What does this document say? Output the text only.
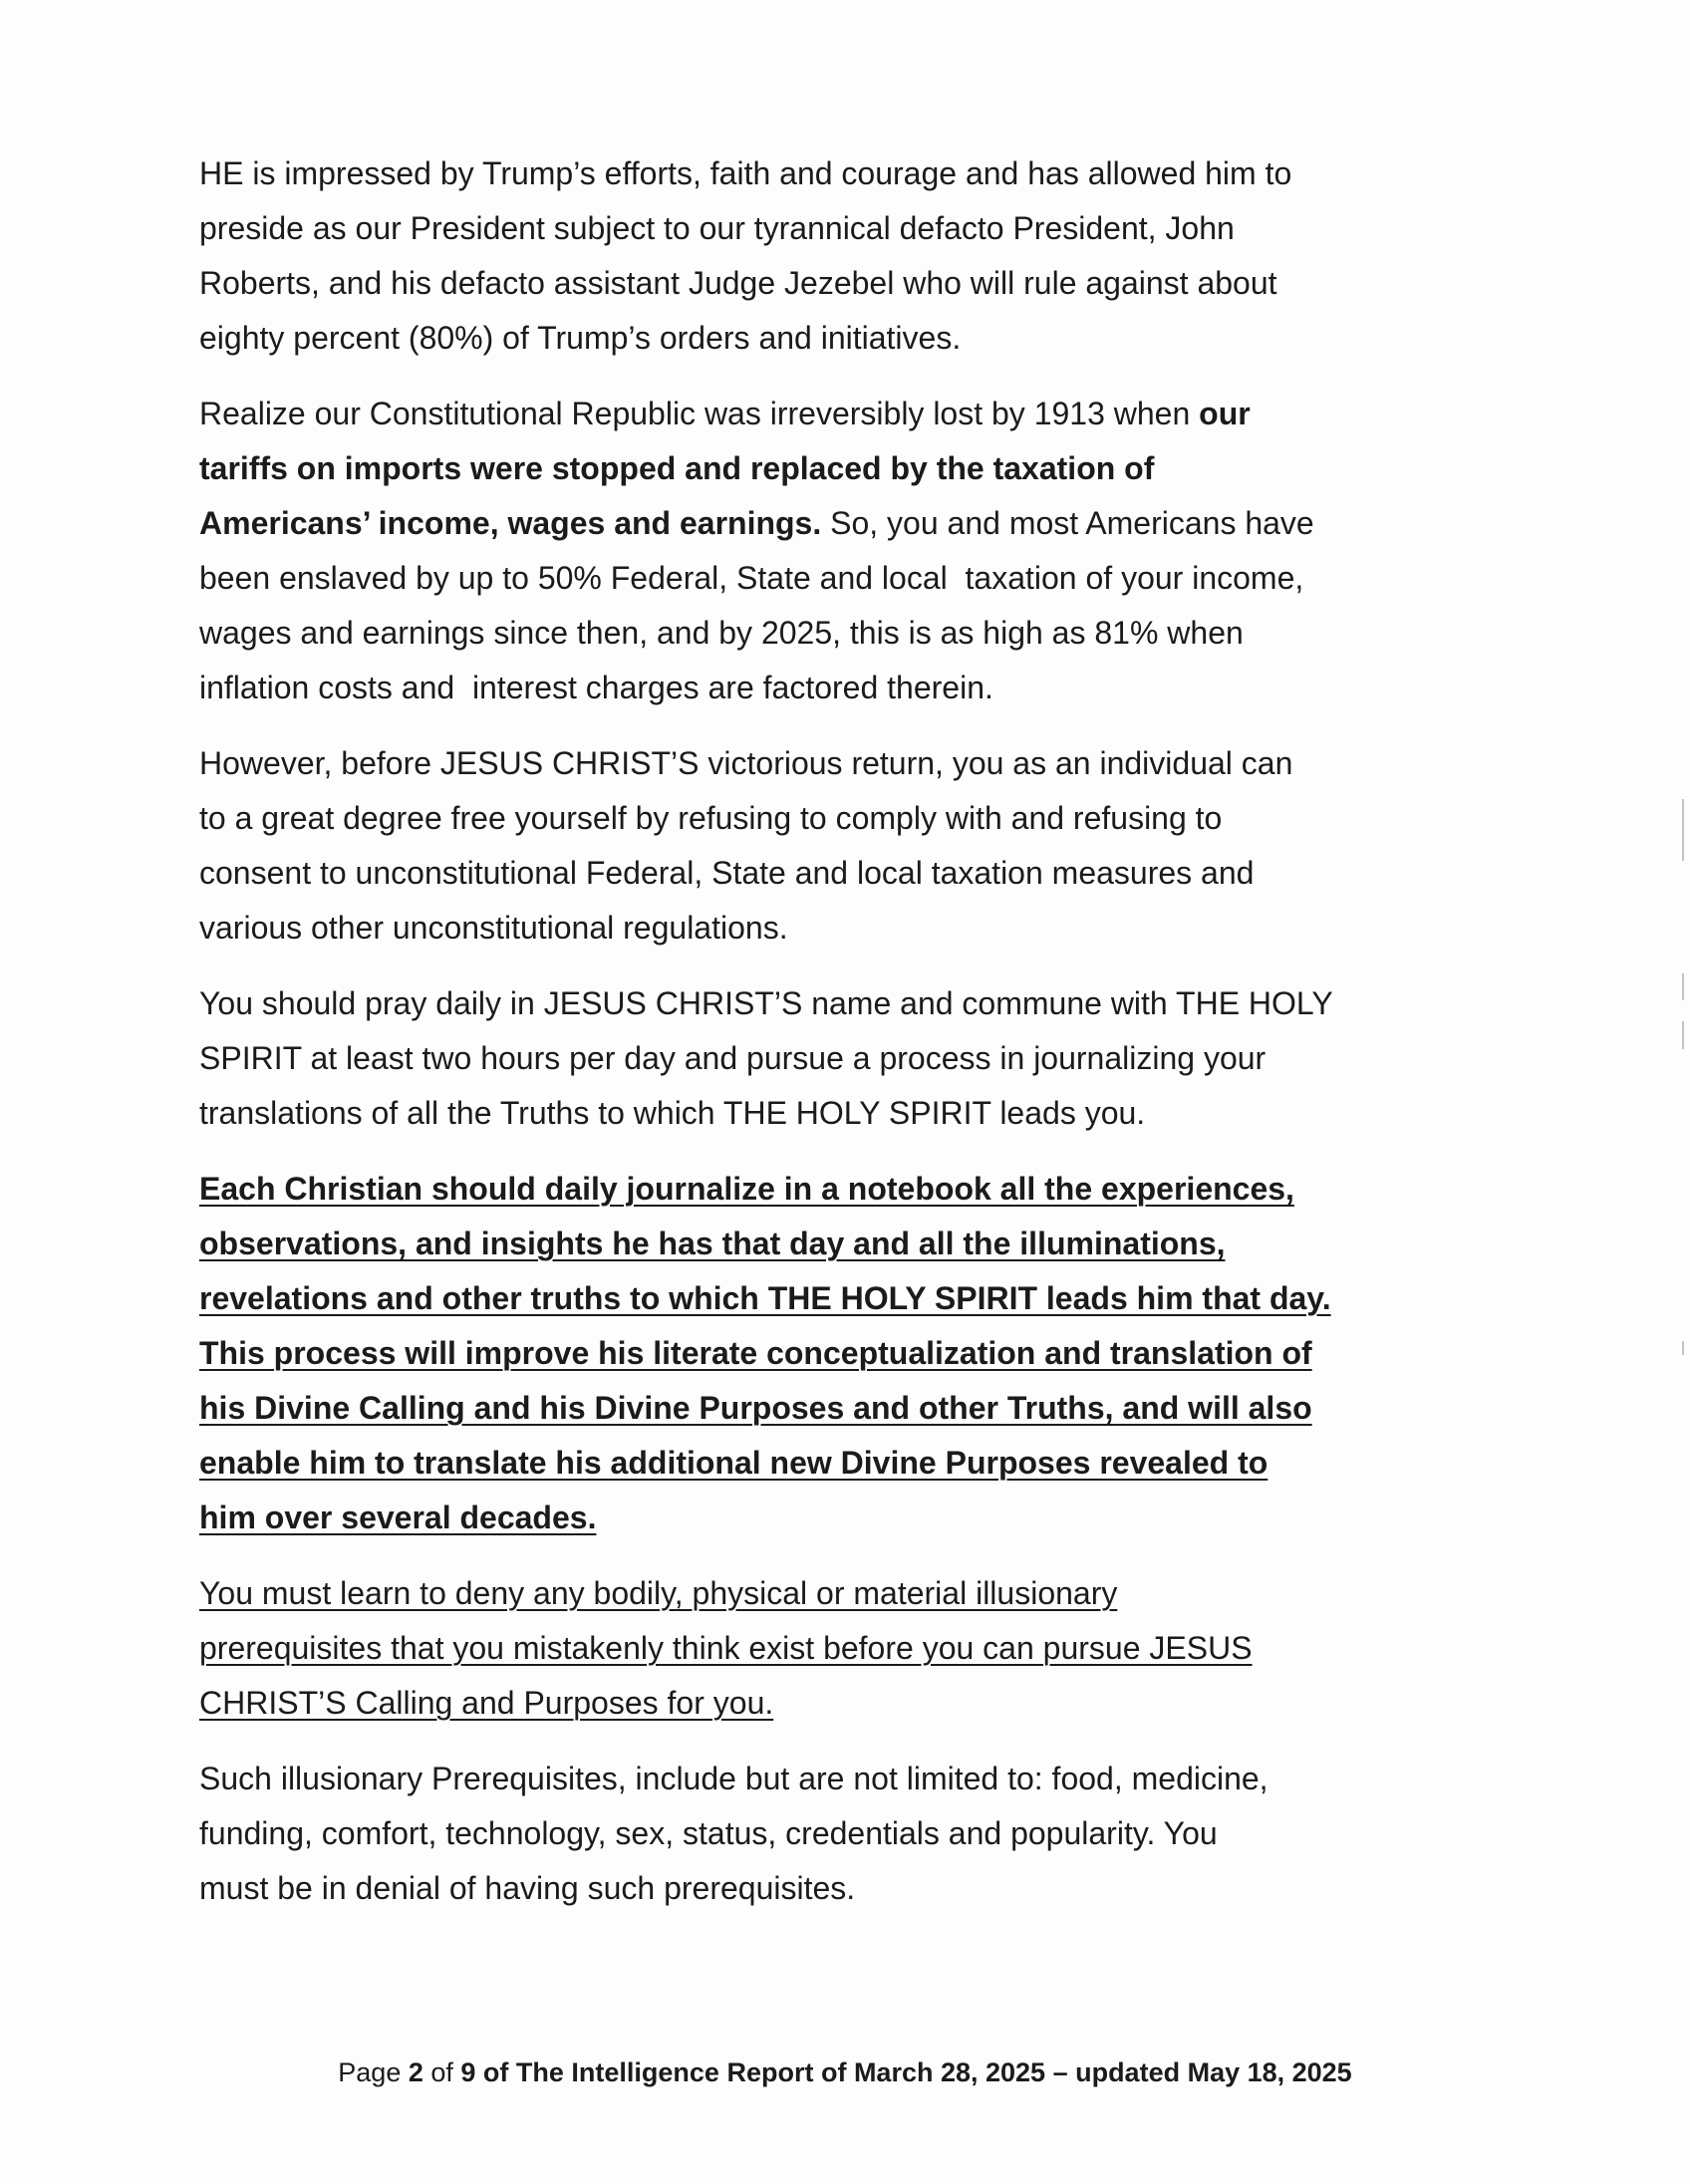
HE is impressed by Trump’s efforts, faith and courage and has allowed him to
preside as our President subject to our tyrannical defacto President, John
Roberts, and his defacto assistant Judge Jezebel who will rule against about
eighty percent (80%) of Trump’s orders and initiatives.

Realize our Constitutional Republic was irreversibly lost by 1913 when our
tariffs on imports were stopped and replaced by the taxation of
Americans’ income, wages and earnings. So, you and most Americans have
been enslaved by up to 50% Federal, State and local  taxation of your income,
wages and earnings since then, and by 2025, this is as high as 81% when
inflation costs and  interest charges are factored therein.

However, before JESUS CHRIST’S victorious return, you as an individual can
to a great degree free yourself by refusing to comply with and refusing to
consent to unconstitutional Federal, State and local taxation measures and
various other unconstitutional regulations.

You should pray daily in JESUS CHRIST’S name and commune with THE HOLY
SPIRIT at least two hours per day and pursue a process in journalizing your
translations of all the Truths to which THE HOLY SPIRIT leads you.

Each Christian should daily journalize in a notebook all the experiences,
observations, and insights he has that day and all the illuminations,
revelations and other truths to which THE HOLY SPIRIT leads him that day.
This process will improve his literate conceptualization and translation of
his Divine Calling and his Divine Purposes and other Truths, and will also
enable him to translate his additional new Divine Purposes revealed to
him over several decades.

You must learn to deny any bodily, physical or material illusionary
prerequisites that you mistakenly think exist before you can pursue JESUS
CHRIST’S Calling and Purposes for you.

Such illusionary Prerequisites, include but are not limited to: food, medicine,
funding, comfort, technology, sex, status, credentials and popularity. You
must be in denial of having such prerequisites.

Page 2 of 9 of The Intelligence Report of March 28, 2025 – updated May 18, 2025
